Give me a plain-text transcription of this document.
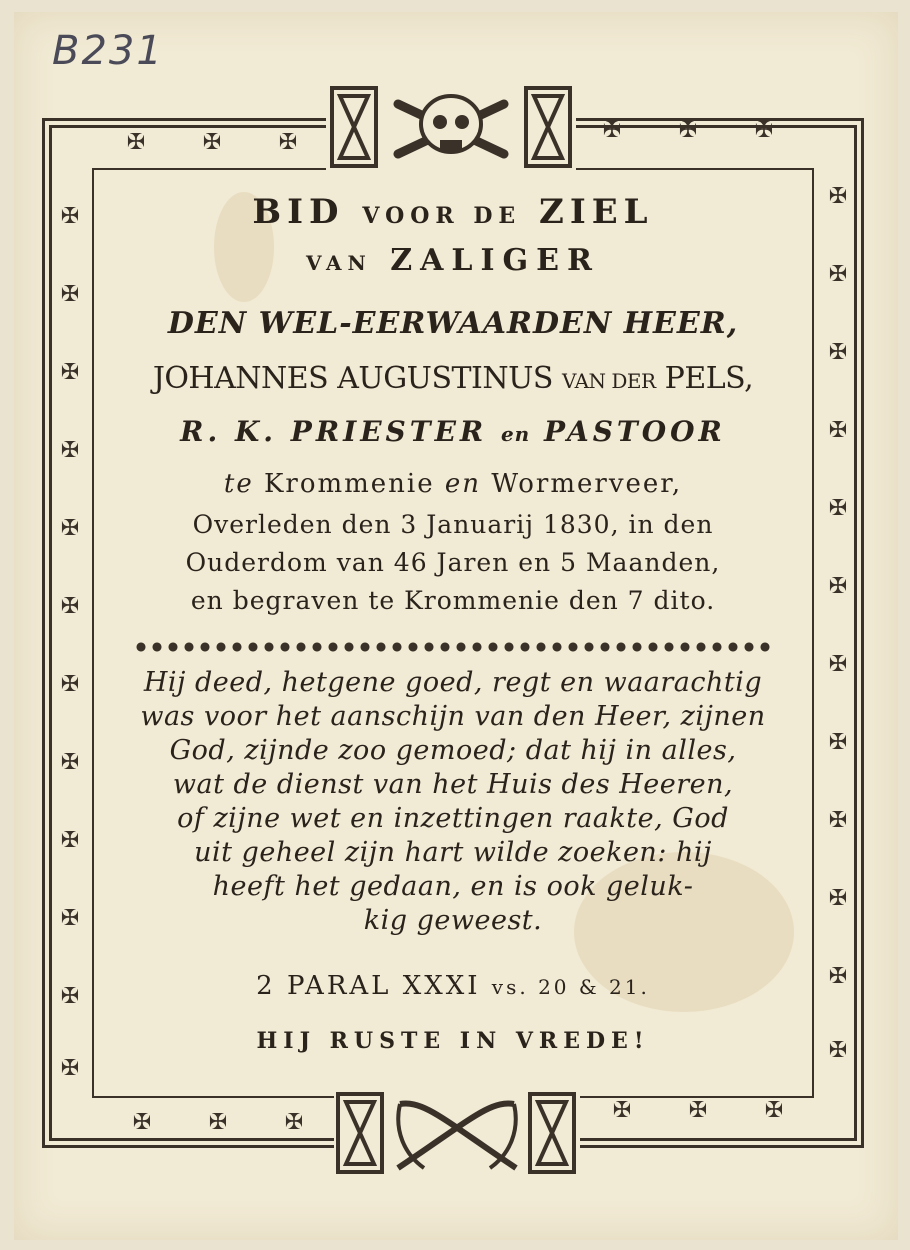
B231
✠	✠	✠	✠	✠	✠
✠	✠	✠	✠	✠	✠
✠
✠
✠
✠
✠
✠
✠
✠
✠
✠
✠
✠
✠
✠
✠
✠
✠
✠
✠
✠
✠
✠
✠
✠

BID VOOR DE ZIEL

VAN ZALIGER

DEN WEL-EERWAARDEN HEER,

JOHANNES AUGUSTINUS VAN DER PELS,

R. K. PRIESTER en PASTOOR

te Krommenie en Wormerveer,

Overleden den 3 Januarij 1830, in den

Ouderdom van 46 Jaren en 5 Maanden,

en begraven te Krommenie den 7 dito.

Hij deed, hetgene goed, regt en waarachtig

was voor het aanschijn van den Heer, zijnen

God, zijnde zoo gemoed; dat hij in alles,

wat de dienst van het Huis des Heeren,

of zijne wet en inzettingen raakte, God

uit geheel zijn hart wilde zoeken: hij

heeft het gedaan, en is ook geluk-

kig geweest.

2 PARAL XXXI vs. 20 & 21.

HIJ RUSTE IN VREDE!
